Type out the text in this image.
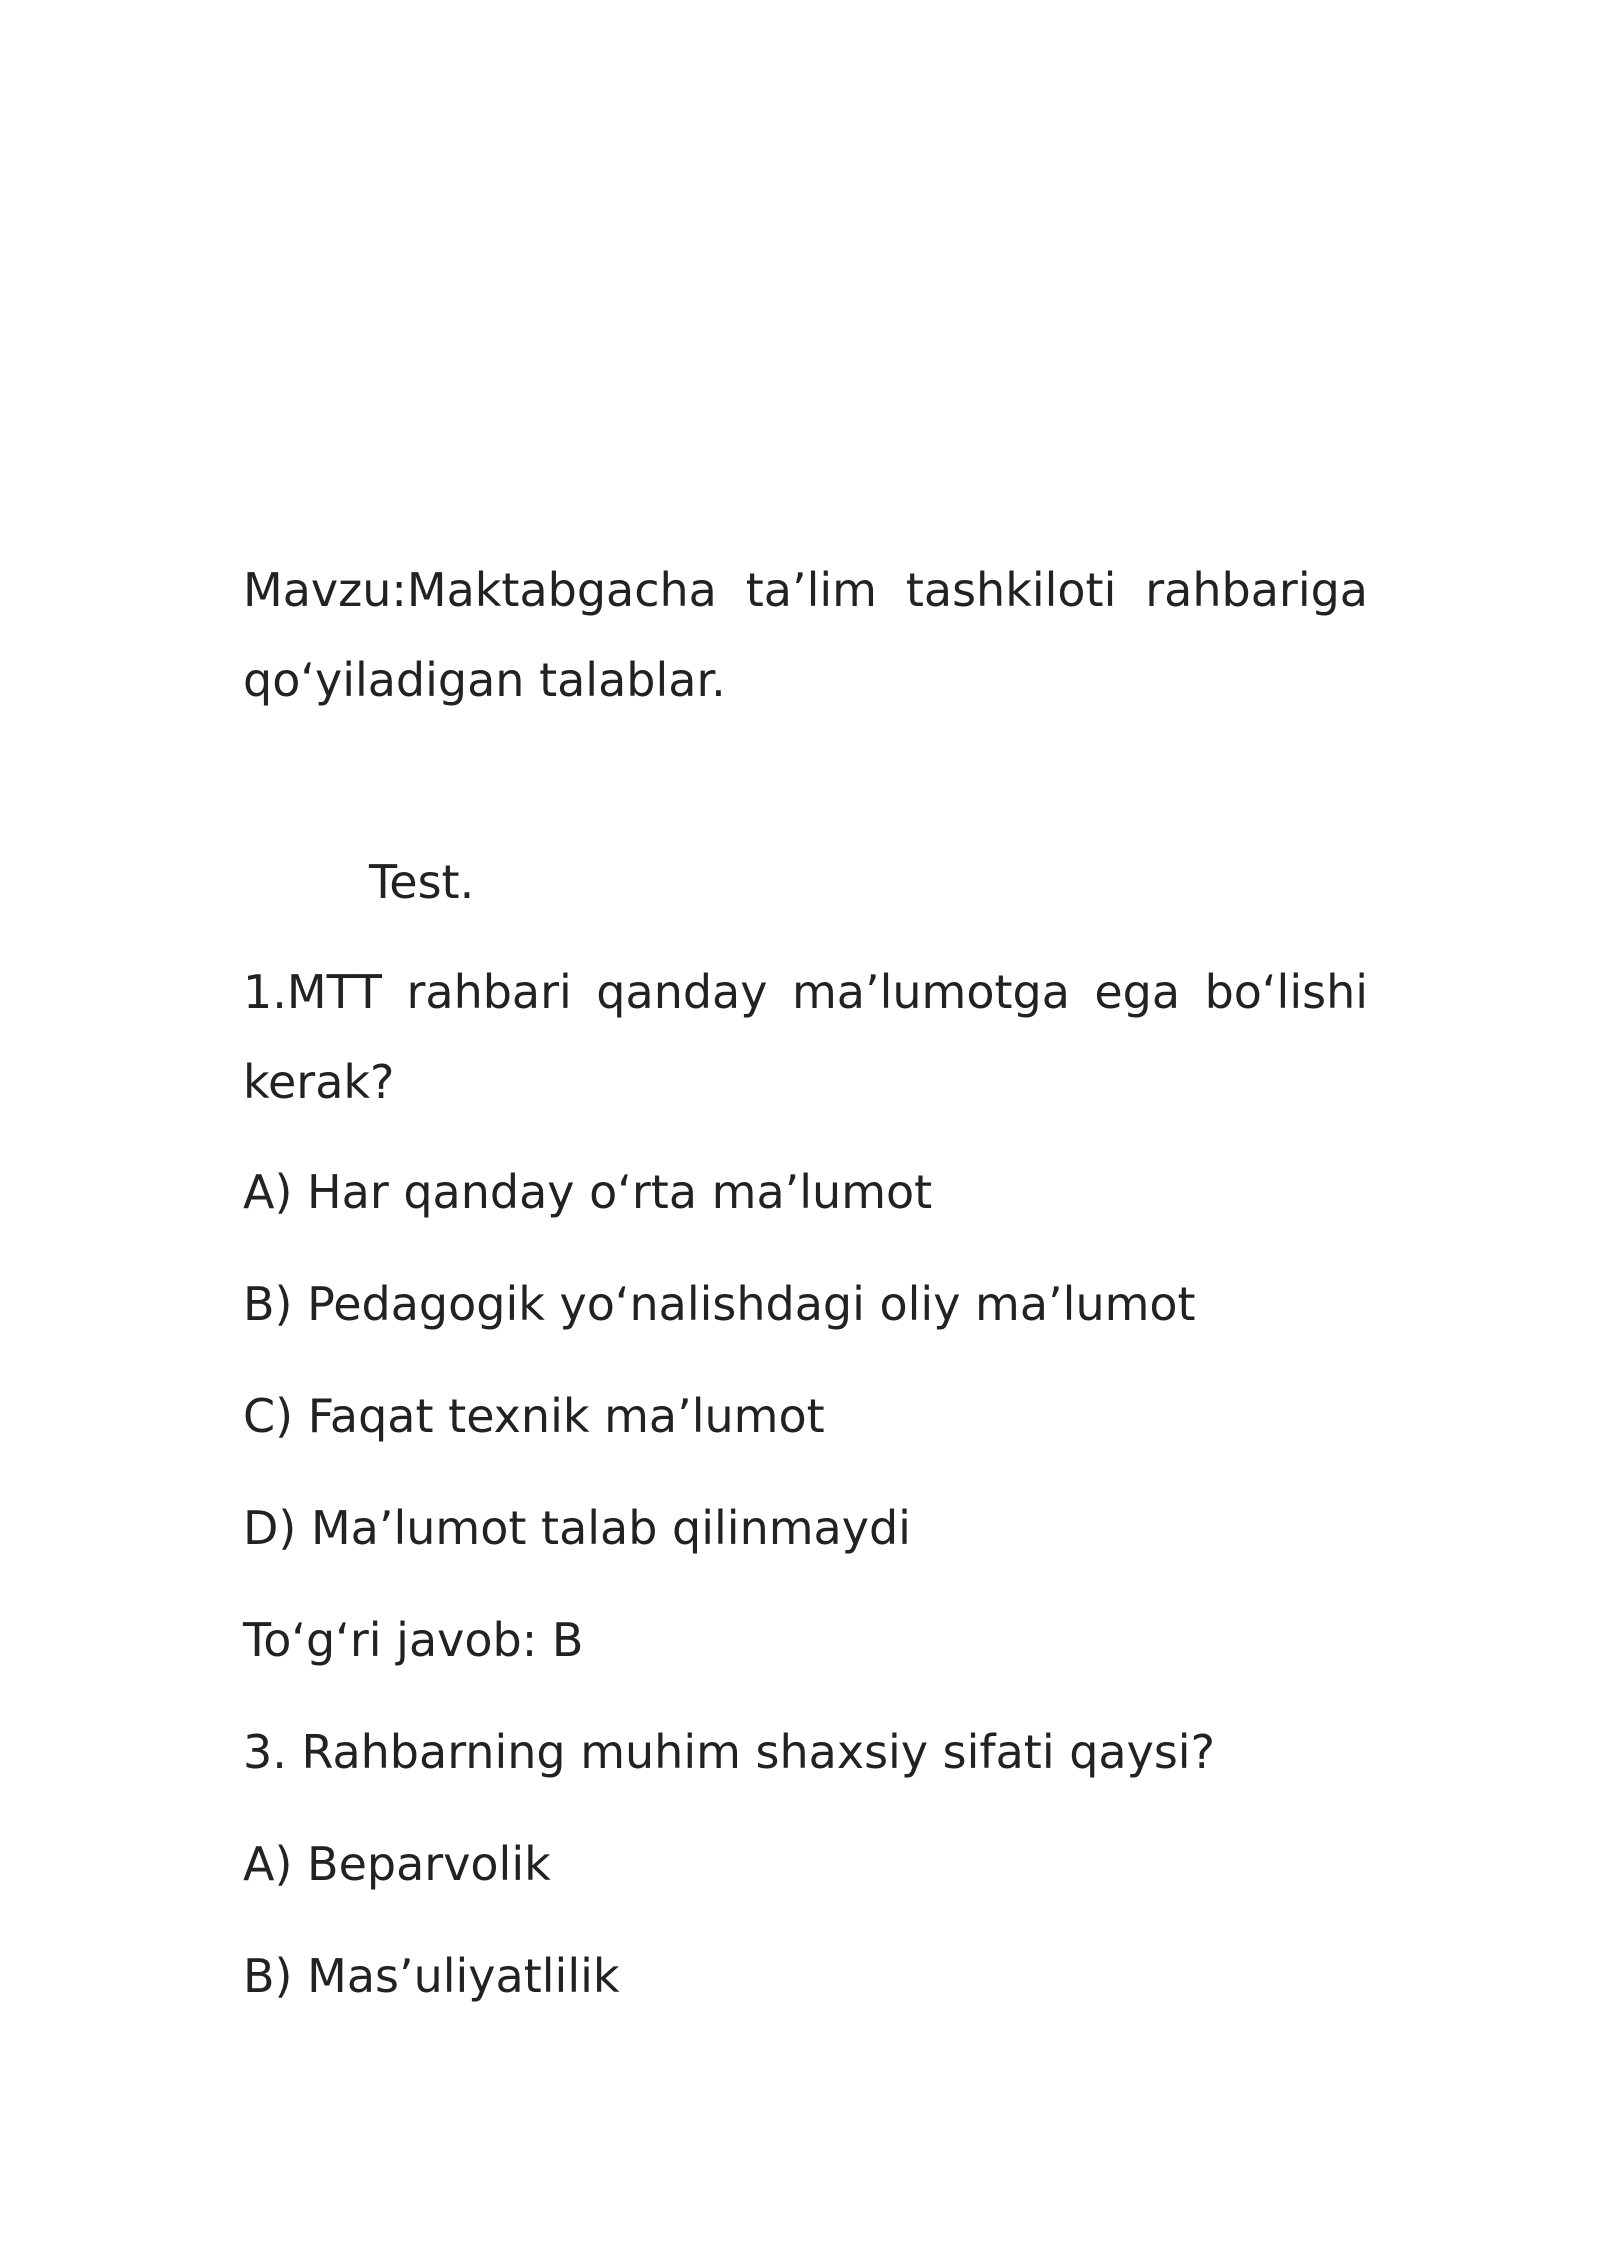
Mavzu:Maktabgacha ta’lim tashkiloti rahbariga qo‘yiladigan talablar.

Test.

1.MTT rahbari qanday ma’lumotga ega bo‘lishi kerak?

A) Har qanday o‘rta ma’lumot

B) Pedagogik yo‘nalishdagi oliy ma’lumot

C) Faqat texnik ma’lumot

D) Ma’lumot talab qilinmaydi

To‘g‘ri javob: B

3. Rahbarning muhim shaxsiy sifati qaysi?

A) Beparvolik

B) Mas’uliyatlilik
